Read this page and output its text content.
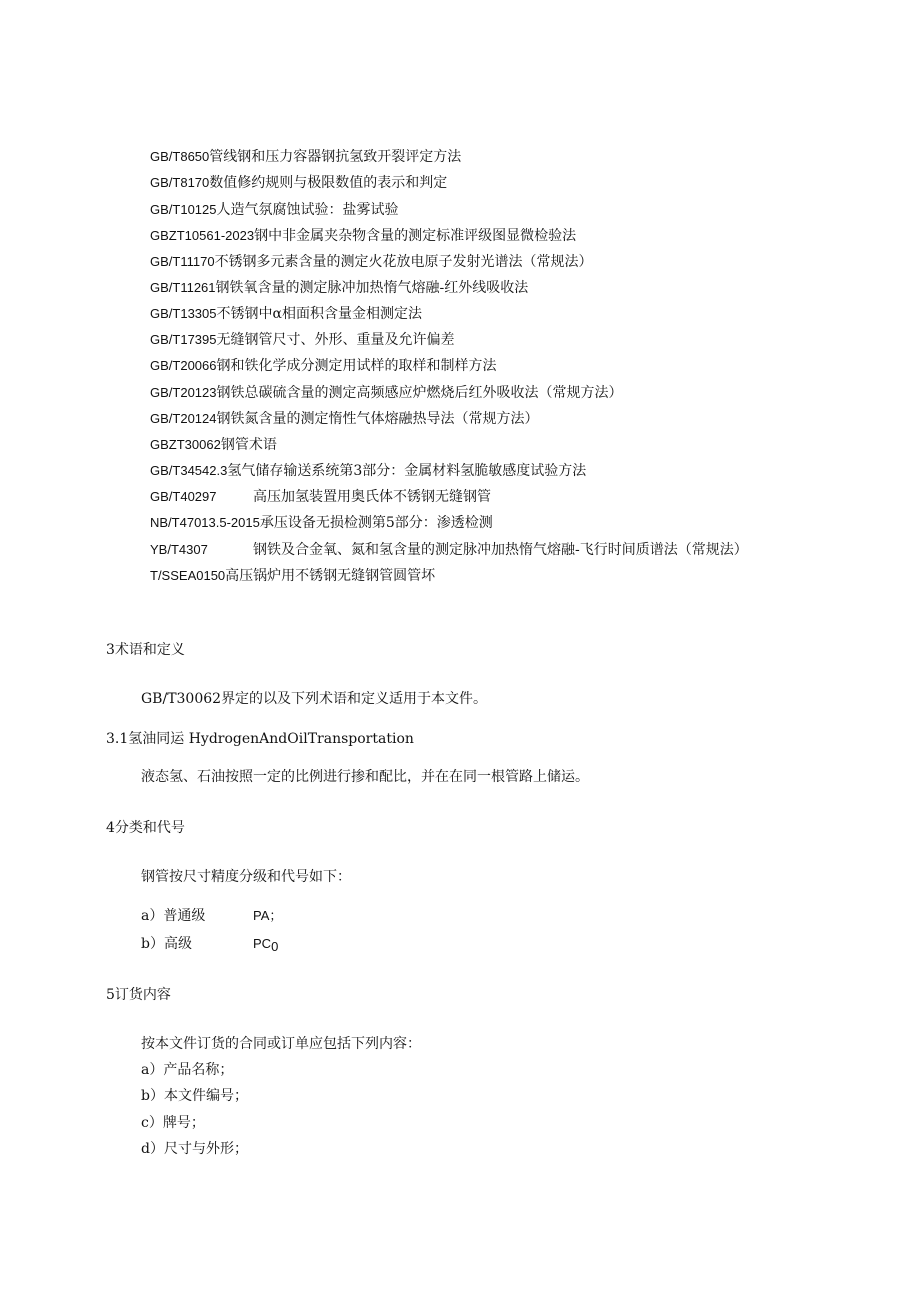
GB/T8650管线钢和压力容器钢抗氢致开裂评定方法
GB/T8170数值修约规则与极限数值的表示和判定
GB/T10125人造气氛腐蚀试验：盐雾试验
GBZT10561-2023钢中非金属夹杂物含量的测定标准评级图显微检验法
GB/T11170不锈钢多元素含量的测定火花放电原子发射光谱法（常规法）
GB/T11261钢铁氧含量的测定脉冲加热惰气熔融-红外线吸收法
GB/T13305不锈钢中α相面积含量金相测定法
GB/T17395无缝钢管尺寸、外形、重量及允许偏差
GB/T20066钢和铁化学成分测定用试样的取样和制样方法
GB/T20123钢铁总碳硫含量的测定高频感应炉燃烧后红外吸收法（常规方法）
GB/T20124钢铁氮含量的测定惰性气体熔融热导法（常规方法）
GBZT30062钢管术语
GB/T34542.3氢气储存输送系统第3部分：金属材料氢脆敏感度试验方法
GB/T40297	高压加氢装置用奥氏体不锈钢无缝钢管
NB/T47013.5-2015承压设备无损检测第5部分：渗透检测
YB/T4307	钢铁及合金氧、氮和氢含量的测定脉冲加热惰气熔融-飞行时间质谱法（常规法）
T/SSEA0150高压锅炉用不锈钢无缝钢管圆管坏
3术语和定义
GB/T30062界定的以及下列术语和定义适用于本文件。
3.1氢油同运 HydrogenAndOilTransportation
液态氢、石油按照一定的比例进行掺和配比，并在在同一根管路上储运。
4分类和代号
钢管按尺寸精度分级和代号如下：
a）普通级	PA；
b）高级	$PC_0$
5订货内容
按本文件订货的合同或订单应包括下列内容：
a）产品名称；
b）本文件编号；
c）牌号；
d）尺寸与外形；
